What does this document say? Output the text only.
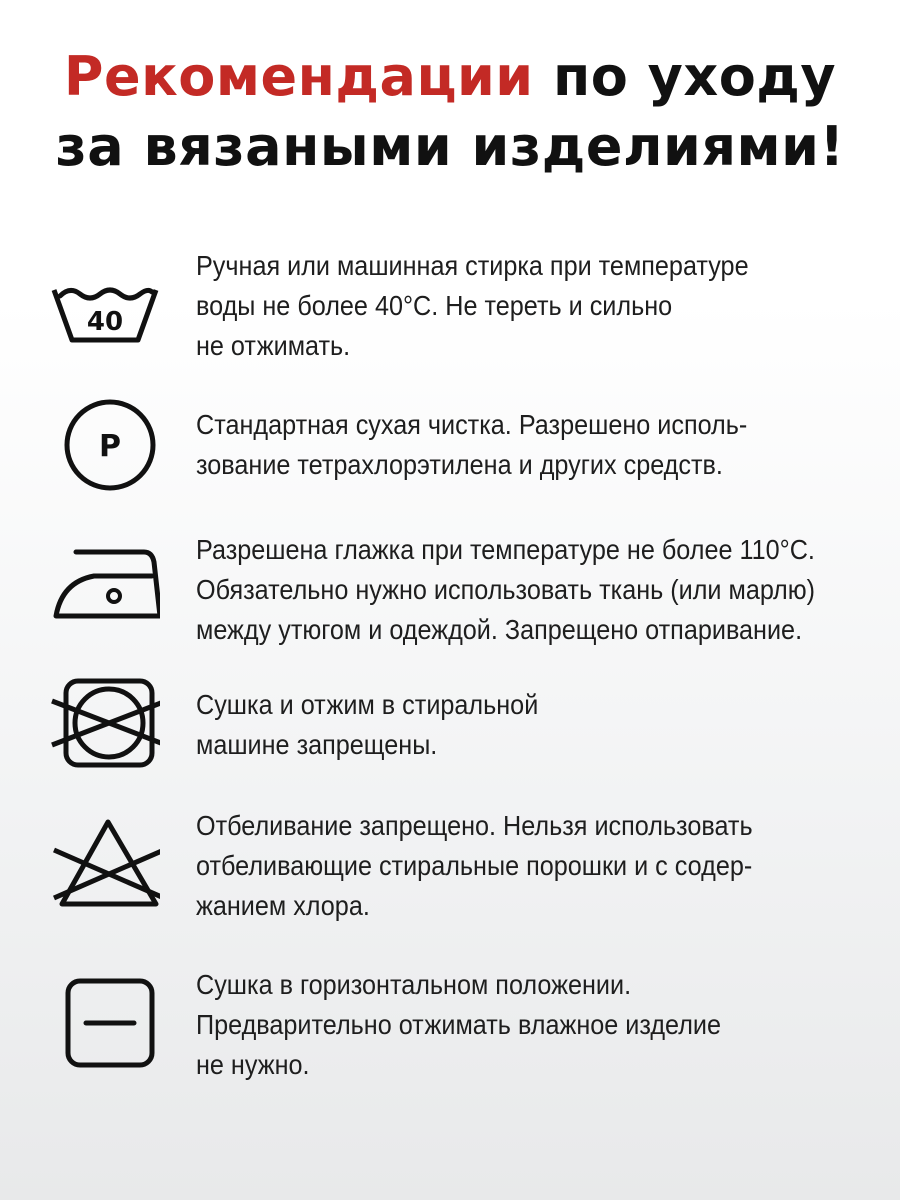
Рекомендации по уходу
за вязаными изделиями!
40
Ручная или машинная стирка при температуре
воды не более 40°С. Не тереть и сильно
не отжимать.
P
Стандартная сухая чистка. Разрешено исполь-
зование тетрахлорэтилена и других средств.
Разрешена глажка при температуре не более 110°С.
Обязательно нужно использовать ткань (или марлю)
между утюгом и одеждой. Запрещено отпаривание.
Сушка и отжим в стиральной
машине запрещены.
Отбеливание запрещено. Нельзя использовать
отбеливающие стиральные порошки и с содер-
жанием хлора.
Сушка в горизонтальном положении.
Предварительно отжимать влажное изделие
не нужно.
